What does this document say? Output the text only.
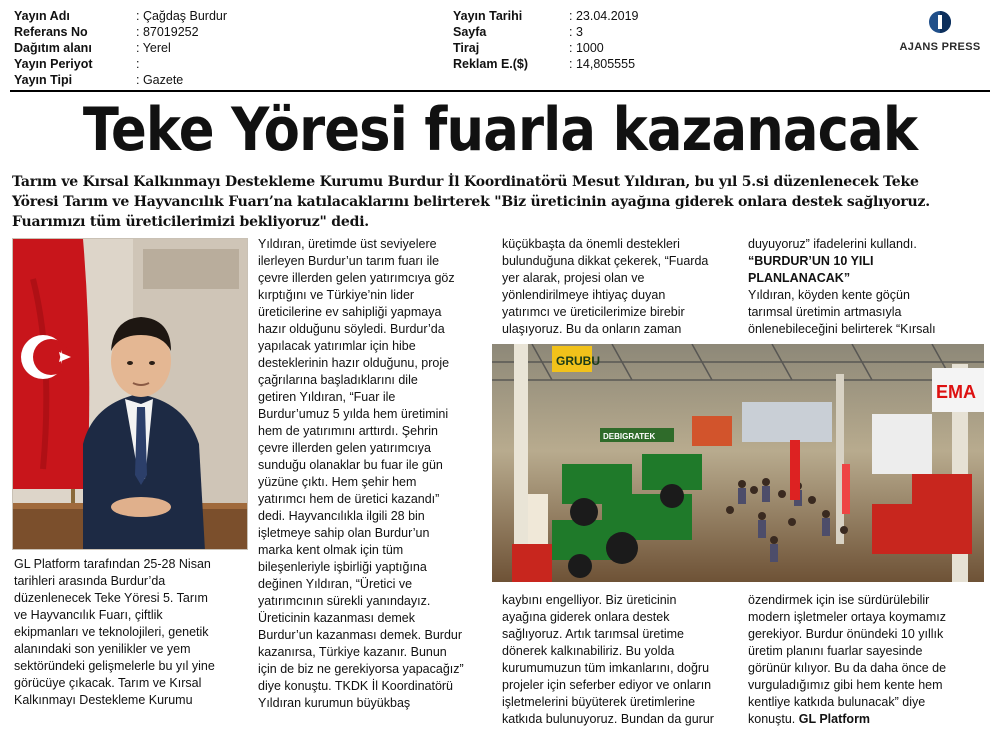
Yayın Adı	: Çağdaş Burdur
Referans No	: 87019252
Dağıtım alanı	: Yerel
Yayın Periyot	:
Yayın Tipi	: Gazete
Yayın Tarihi	: 23.04.2019
Sayfa	: 3
Tiraj	: 1000
Reklam E.($)	: 14,805555
AJANS PRESS
Teke Yöresi fuarla kazanacak

Tarım ve Kırsal Kalkınmayı Destekleme Kurumu Burdur İl Koordinatörü Mesut Yıldıran, bu yıl 5.si düzenlenecek Teke

Yöresi Tarım ve Hayvancılık Fuarı’na katılacaklarını belirterek "Biz üreticinin ayağına giderek onlara destek sağlıyoruz.

Fuarımızı tüm üreticilerimizi bekliyoruz" dedi.

GRUBU
EMA
DEBIGRATEK

GL Platform tarafından 25-28 Nisan

tarihleri arasında Burdur’da

düzenlenecek Teke Yöresi 5. Tarım

ve Hayvancılık Fuarı, çiftlik

ekipmanları ve teknolojileri, genetik

alanındaki son yenilikler ve yem

sektöründeki gelişmelerle bu yıl yine

görücüye çıkacak. Tarım ve Kırsal

Kalkınmayı Destekleme Kurumu

Yıldıran, üretimde üst seviyelere

ilerleyen Burdur’un tarım fuarı ile

çevre illerden gelen yatırımcıya göz

kırptığını ve Türkiye’nin lider

üreticilerine ev sahipliği yapmaya

hazır olduğunu söyledi. Burdur’da

yapılacak yatırımlar için hibe

desteklerinin hazır olduğunu, proje

çağrılarına başladıklarını dile

getiren Yıldıran, “Fuar ile

Burdur’umuz 5 yılda hem üretimini

hem de yatırımını arttırdı. Şehrin

çevre illerden gelen yatırımcıya

sunduğu olanaklar bu fuar ile gün

yüzüne çıktı. Hem şehir hem

yatırımcı hem de üretici kazandı”

dedi. Hayvancılıkla ilgili 28 bin

işletmeye sahip olan Burdur’un

marka kent olmak için tüm

bileşenleriyle işbirliği yaptığına

değinen Yıldıran, “Üretici ve

yatırımcının sürekli yanındayız.

Üreticinin kazanması demek

Burdur’un kazanması demek. Burdur

kazanırsa, Türkiye kazanır. Bunun

için de biz ne gerekiyorsa yapacağız”

diye konuştu. TKDK İl Koordinatörü

Yıldıran kurumun büyükbaş

küçükbaşta da önemli destekleri

bulunduğuna dikkat çekerek, “Fuarda

yer alarak, projesi olan ve

yönlendirilmeye ihtiyaç duyan

yatırımcı ve üreticilerimize birebir

ulaşıyoruz. Bu da onların zaman

duyuyoruz” ifadelerini kullandı.

“BURDUR’UN 10 YILI

PLANLANACAK”

Yıldıran, köyden kente göçün

tarımsal üretimin artmasıyla

önlenebileceğini belirterek “Kırsalı

kaybını engelliyor. Biz üreticinin

ayağına giderek onlara destek

sağlıyoruz. Artık tarımsal üretime

dönerek kalkınabiliriz. Bu yolda

kurumumuzun tüm imkanlarını, doğru

projeler için seferber ediyor ve onların

işletmelerini büyüterek üretimlerine

katkıda bulunuyoruz. Bundan da gurur

özendirmek için ise sürdürülebilir

modern işletmeler ortaya koymamız

gerekiyor. Burdur önündeki 10 yıllık

üretim planını fuarlar sayesinde

görünür kılıyor. Bu da daha önce de

vurguladığımız gibi hem kente hem

kentliye katkıda bulunacak” diye

konuştu. GL Platform
